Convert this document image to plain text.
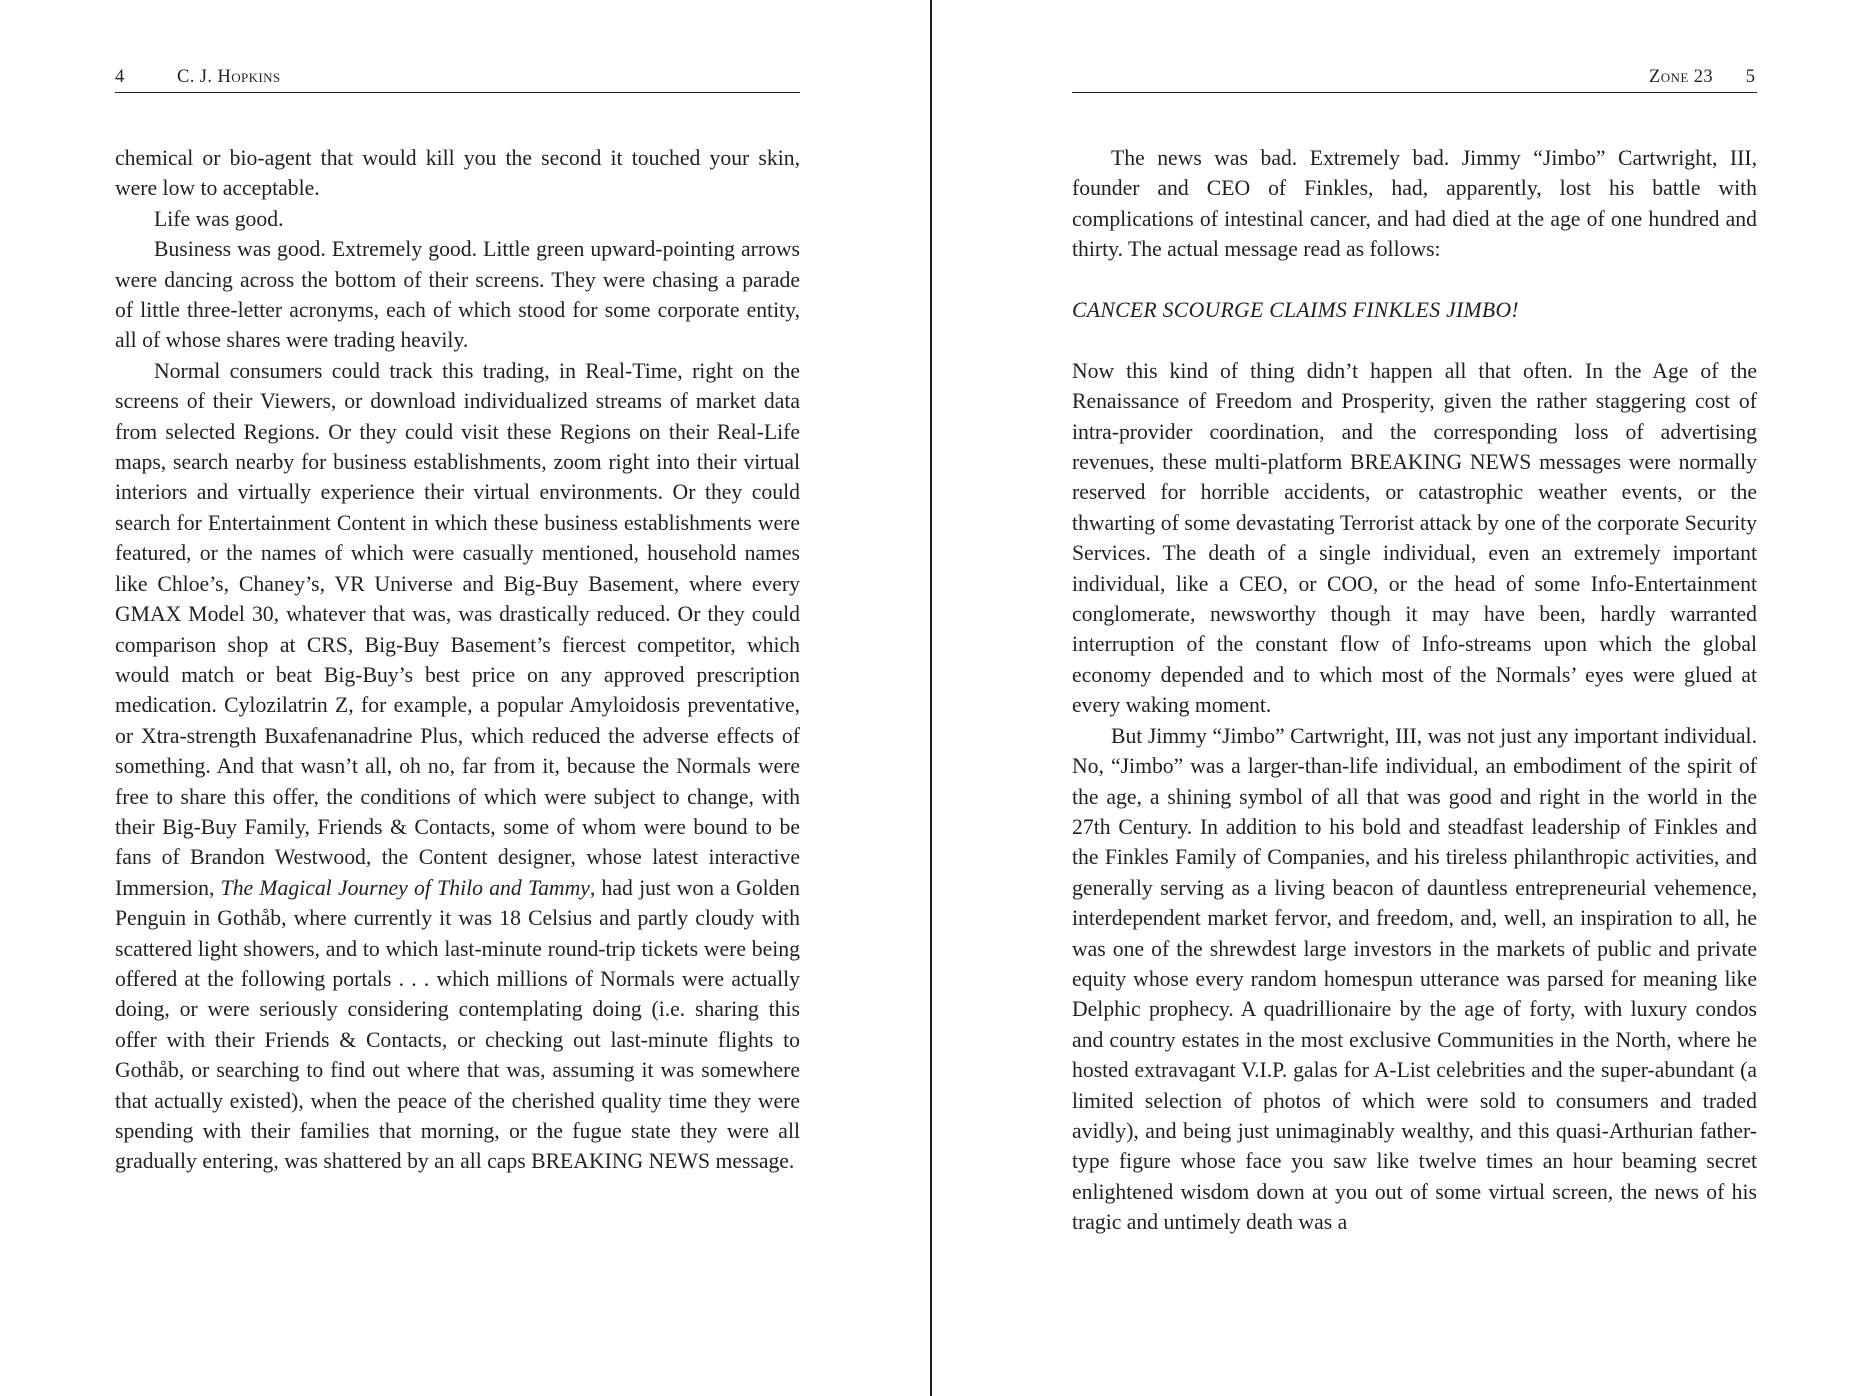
4	C. J. Hopkins

chemical or bio-agent that would kill you the second it touched your skin, were low to acceptable.

Life was good.

Business was good. Extremely good. Little green upward-pointing arrows were dancing across the bottom of their screens. They were chasing a parade of little three-letter acronyms, each of which stood for some corporate entity, all of whose shares were trading heavily.

Normal consumers could track this trading, in Real-Time, right on the screens of their Viewers, or download individualized streams of market data from selected Regions. Or they could visit these Regions on their Real-Life maps, search nearby for business establishments, zoom right into their virtual interiors and virtually experience their virtual environments. Or they could search for Entertainment Content in which these business establishments were featured, or the names of which were casually mentioned, household names like Chloe’s, Chaney’s, VR Universe and Big-Buy Basement, where every GMAX Model 30, whatever that was, was drastically reduced. Or they could comparison shop at CRS, Big-Buy Basement’s fiercest competitor, which would match or beat Big-Buy’s best price on any approved prescription medication. Cylozilatrin Z, for example, a popular Amyloidosis preventative, or Xtra-strength Buxafenanadrine Plus, which reduced the adverse effects of something. And that wasn’t all, oh no, far from it, because the Normals were free to share this offer, the conditions of which were subject to change, with their Big-Buy Family, Friends & Contacts, some of whom were bound to be fans of Brandon Westwood, the Content designer, whose latest interactive Immersion, The Magical Journey of Thilo and Tammy, had just won a Golden Penguin in Gothåb, where currently it was 18 Celsius and partly cloudy with scattered light showers, and to which last-minute round-trip tickets were being offered at the following portals . . . which millions of Normals were actually doing, or were seriously considering contemplating doing (i.e. sharing this offer with their Friends & Contacts, or checking out last-minute flights to Gothåb, or searching to find out where that was, assuming it was somewhere that actually existed), when the peace of the cherished quality time they were spending with their families that morning, or the fugue state they were all gradually entering, was shattered by an all caps BREAKING NEWS message.

Zone 23 5

The news was bad. Extremely bad. Jimmy “Jimbo” Cartwright, III, founder and CEO of Finkles, had, apparently, lost his battle with complications of intestinal cancer, and had died at the age of one hundred and thirty. The actual message read as follows:

CANCER SCOURGE CLAIMS FINKLES JIMBO!

Now this kind of thing didn’t happen all that often. In the Age of the Renaissance of Freedom and Prosperity, given the rather staggering cost of intra-provider coordination, and the corresponding loss of advertising revenues, these multi-platform BREAKING NEWS messages were normally reserved for horrible accidents, or catastrophic weather events, or the thwarting of some devastating Terrorist attack by one of the corporate Security Services. The death of a single individual, even an extremely important individual, like a CEO, or COO, or the head of some Info-Entertainment conglomerate, newsworthy though it may have been, hardly warranted interruption of the constant flow of Info-streams upon which the global economy depended and to which most of the Normals’ eyes were glued at every waking moment.

But Jimmy “Jimbo” Cartwright, III, was not just any important individual. No, “Jimbo” was a larger-than-life individual, an embodiment of the spirit of the age, a shining symbol of all that was good and right in the world in the 27th Century. In addition to his bold and steadfast leadership of Finkles and the Finkles Family of Companies, and his tireless philanthropic activities, and generally serving as a living beacon of dauntless entrepreneurial vehemence, interdependent market fervor, and freedom, and, well, an inspiration to all, he was one of the shrewdest large investors in the markets of public and private equity whose every random homespun utterance was parsed for meaning like Delphic prophecy. A quadrillionaire by the age of forty, with luxury condos and country estates in the most exclusive Communities in the North, where he hosted extravagant V.I.P. galas for A-List celebrities and the super-abundant (a limited selection of photos of which were sold to consumers and traded avidly), and being just unimaginably wealthy, and this quasi-Arthurian father-type figure whose face you saw like twelve times an hour beaming secret enlightened wisdom down at you out of some virtual screen, the news of his tragic and untimely death was a
